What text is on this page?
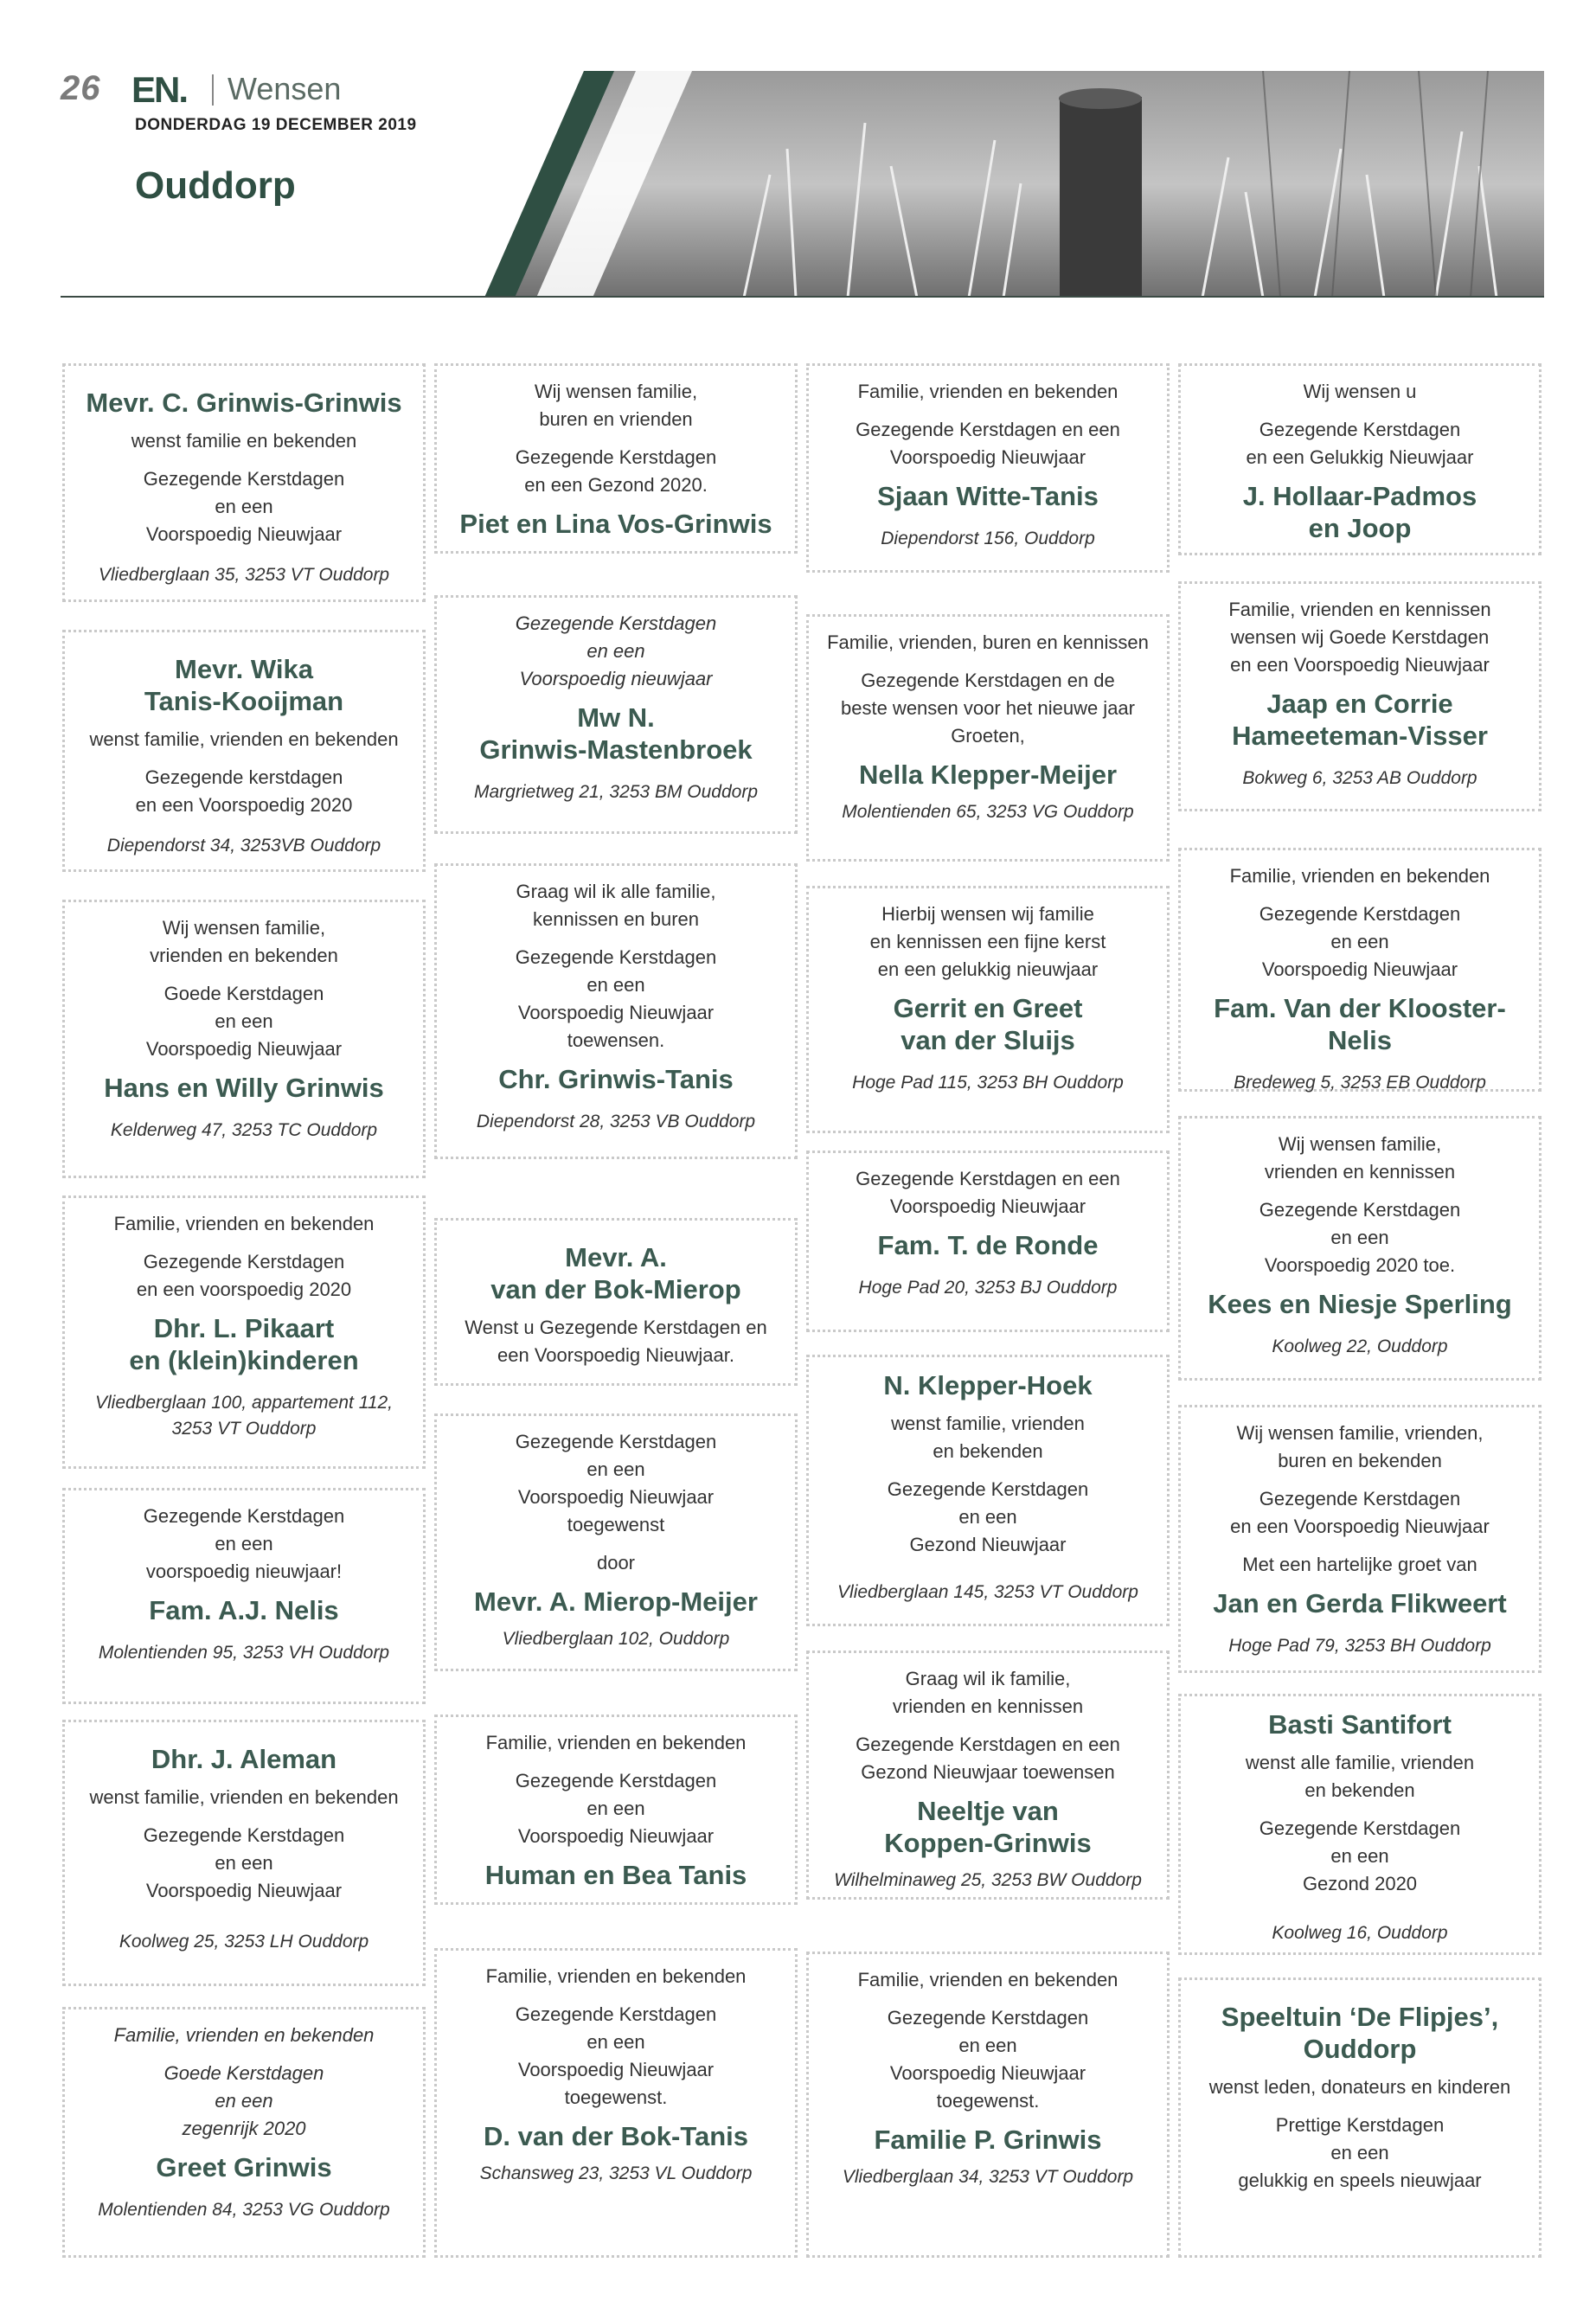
26 EN. Wensen
DONDERDAG 19 DECEMBER 2019
Ouddorp

Mevr. C. Grinwis-Grinwis

wenst familie en bekenden

Gezegende Kerstdagen

en een

Voorspoedig Nieuwjaar

Vliedberglaan 35, 3253 VT Ouddorp

Mevr. Wika

Tanis-Kooijman

wenst familie, vrienden en bekenden

Gezegende kerstdagen

en een Voorspoedig 2020

Diependorst 34, 3253VB Ouddorp

Wij wensen familie,

vrienden en bekenden

Goede Kerstdagen

en een

Voorspoedig Nieuwjaar

Hans en Willy Grinwis

Kelderweg 47, 3253 TC Ouddorp

Familie, vrienden en bekenden

Gezegende Kerstdagen

en een voorspoedig 2020

Dhr. L. Pikaart

en (klein)kinderen

Vliedberglaan 100, appartement 112,

3253 VT Ouddorp

Gezegende Kerstdagen

en een

voorspoedig nieuwjaar!

Fam. A.J. Nelis

Molentienden 95, 3253 VH Ouddorp

Dhr. J. Aleman

wenst familie, vrienden en bekenden

Gezegende Kerstdagen

en een

Voorspoedig Nieuwjaar

Koolweg 25, 3253 LH Ouddorp

Familie, vrienden en bekenden

Goede Kerstdagen

en een

zegenrijk 2020

Greet Grinwis

Molentienden 84, 3253 VG Ouddorp

Wij wensen familie,

buren en vrienden

Gezegende Kerstdagen

en een Gezond 2020.

Piet en Lina Vos-Grinwis

Gezegende Kerstdagen

en een

Voorspoedig nieuwjaar

Mw N.

Grinwis-Mastenbroek

Margrietweg 21, 3253 BM Ouddorp

Graag wil ik alle familie,

kennissen en buren

Gezegende Kerstdagen

en een

Voorspoedig Nieuwjaar

toewensen.

Chr. Grinwis-Tanis

Diependorst 28, 3253 VB Ouddorp

Mevr. A.

van der Bok-Mierop

Wenst u Gezegende Kerstdagen en

een Voorspoedig Nieuwjaar.

Gezegende Kerstdagen

en een

Voorspoedig Nieuwjaar

toegewenst

door

Mevr. A. Mierop-Meijer

Vliedberglaan 102, Ouddorp

Familie, vrienden en bekenden

Gezegende Kerstdagen

en een

Voorspoedig Nieuwjaar

Human en Bea Tanis

Familie, vrienden en bekenden

Gezegende Kerstdagen

en een

Voorspoedig Nieuwjaar

toegewenst.

D. van der Bok-Tanis

Schansweg 23, 3253 VL Ouddorp

Familie, vrienden en bekenden

Gezegende Kerstdagen en een

Voorspoedig Nieuwjaar

Sjaan Witte-Tanis

Diependorst 156, Ouddorp

Familie, vrienden, buren en kennissen

Gezegende Kerstdagen en de

beste wensen voor het nieuwe jaar

Groeten,

Nella Klepper-Meijer

Molentienden 65, 3253 VG Ouddorp

Hierbij wensen wij familie

en kennissen een fijne kerst

en een gelukkig nieuwjaar

Gerrit en Greet

van der Sluijs

Hoge Pad 115, 3253 BH Ouddorp

Gezegende Kerstdagen en een

Voorspoedig Nieuwjaar

Fam. T. de Ronde

Hoge Pad 20, 3253 BJ Ouddorp

N. Klepper-Hoek

wenst familie, vrienden

en bekenden

Gezegende Kerstdagen

en een

Gezond Nieuwjaar

Vliedberglaan 145, 3253 VT Ouddorp

Graag wil ik familie,

vrienden en kennissen

Gezegende Kerstdagen en een

Gezond Nieuwjaar toewensen

Neeltje van

Koppen-Grinwis

Wilhelminaweg 25, 3253 BW Ouddorp

Familie, vrienden en bekenden

Gezegende Kerstdagen

en een

Voorspoedig Nieuwjaar

toegewenst.

Familie P. Grinwis

Vliedberglaan 34, 3253 VT Ouddorp

Wij wensen u

Gezegende Kerstdagen

en een Gelukkig Nieuwjaar

J. Hollaar-Padmos

en Joop

Familie, vrienden en kennissen

wensen wij Goede Kerstdagen

en een Voorspoedig Nieuwjaar

Jaap en Corrie

Hameeteman-Visser

Bokweg 6, 3253 AB Ouddorp

Familie, vrienden en bekenden

Gezegende Kerstdagen

en een

Voorspoedig Nieuwjaar

Fam. Van der Klooster-Nelis

Bredeweg 5, 3253 EB Ouddorp

Wij wensen familie,

vrienden en kennissen

Gezegende Kerstdagen

en een

Voorspoedig 2020 toe.

Kees en Niesje Sperling

Koolweg 22, Ouddorp

Wij wensen familie, vrienden,

buren en bekenden

Gezegende Kerstdagen

en een Voorspoedig Nieuwjaar

Met een hartelijke groet van

Jan en Gerda Flikweert

Hoge Pad 79, 3253 BH Ouddorp

Basti Santifort

wenst alle familie, vrienden

en bekenden

Gezegende Kerstdagen

en een

Gezond 2020

Koolweg 16, Ouddorp

Speeltuin ‘De Flipjes’,

Ouddorp

wenst leden, donateurs en kinderen

Prettige Kerstdagen

en een

gelukkig en speels nieuwjaar
